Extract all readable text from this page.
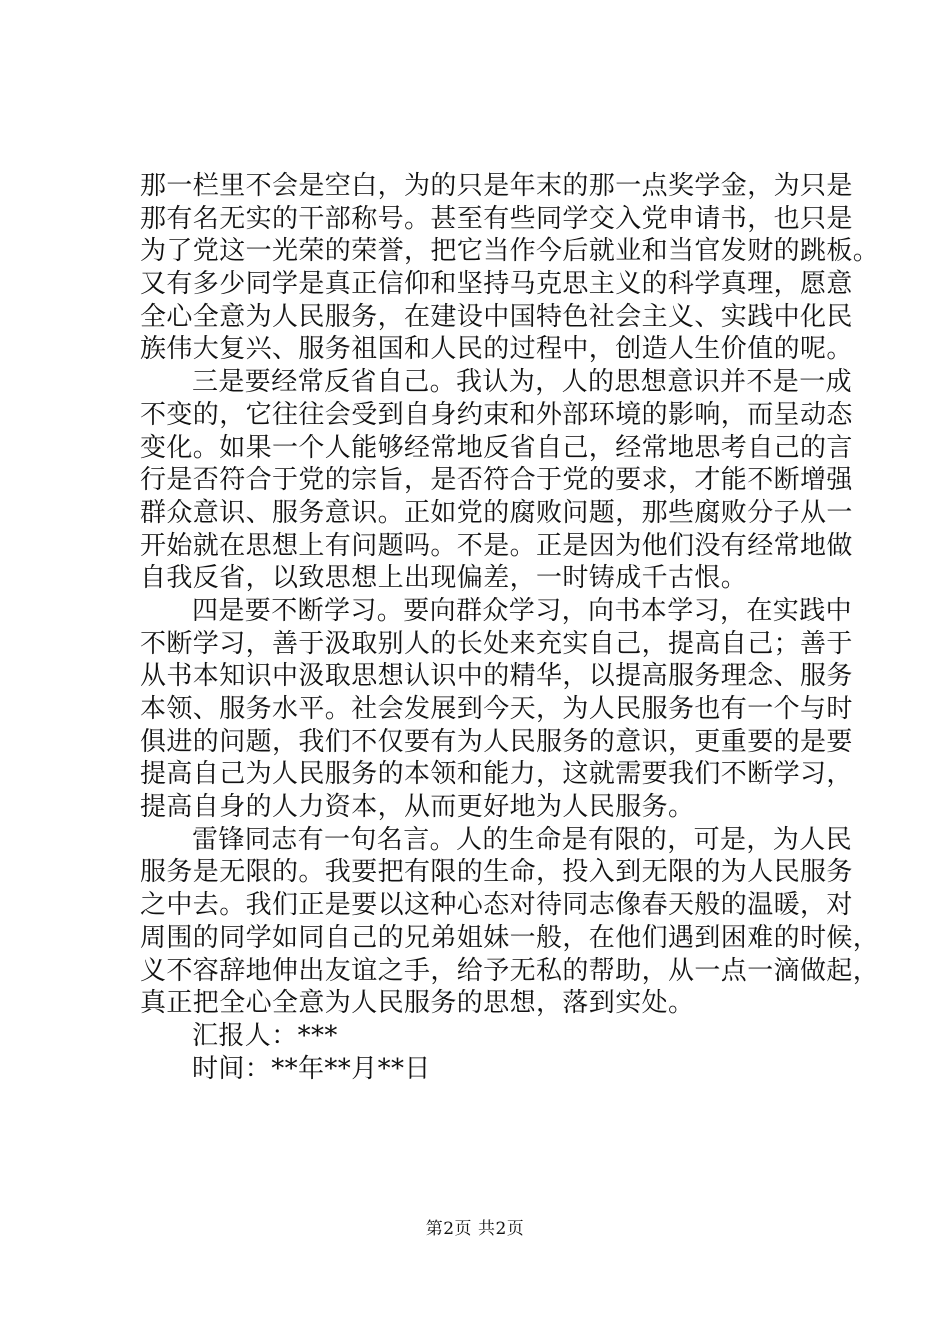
那一栏里不会是空白，为的只是年末的那一点奖学金，为只是
那有名无实的干部称号。甚至有些同学交入党申请书，也只是
为了党这一光荣的荣誉，把它当作今后就业和当官发财的跳板。
又有多少同学是真正信仰和坚持马克思主义的科学真理，愿意
全心全意为人民服务，在建设中国特色社会主义、实践中化民
族伟大复兴、服务祖国和人民的过程中，创造人生价值的呢。
三是要经常反省自己。我认为，人的思想意识并不是一成
不变的，它往往会受到自身约束和外部环境的影响，而呈动态
变化。如果一个人能够经常地反省自己，经常地思考自己的言
行是否符合于党的宗旨，是否符合于党的要求，才能不断增强
群众意识、服务意识。正如党的腐败问题，那些腐败分子从一
开始就在思想上有问题吗。不是。正是因为他们没有经常地做
自我反省，以致思想上出现偏差，一时铸成千古恨。
四是要不断学习。要向群众学习，向书本学习，在实践中
不断学习，善于汲取别人的长处来充实自己，提高自己；善于
从书本知识中汲取思想认识中的精华，以提高服务理念、服务
本领、服务水平。社会发展到今天，为人民服务也有一个与时
俱进的问题，我们不仅要有为人民服务的意识，更重要的是要
提高自己为人民服务的本领和能力，这就需要我们不断学习，
提高自身的人力资本，从而更好地为人民服务。
雷锋同志有一句名言。人的生命是有限的，可是，为人民
服务是无限的。我要把有限的生命，投入到无限的为人民服务
之中去。我们正是要以这种心态对待同志像春天般的温暖，对
周围的同学如同自己的兄弟姐妹一般，在他们遇到困难的时候，
义不容辞地伸出友谊之手，给予无私的帮助，从一点一滴做起，
真正把全心全意为人民服务的思想，落到实处。
汇报人：***
时间：**年**月**日
第2页 共2页
